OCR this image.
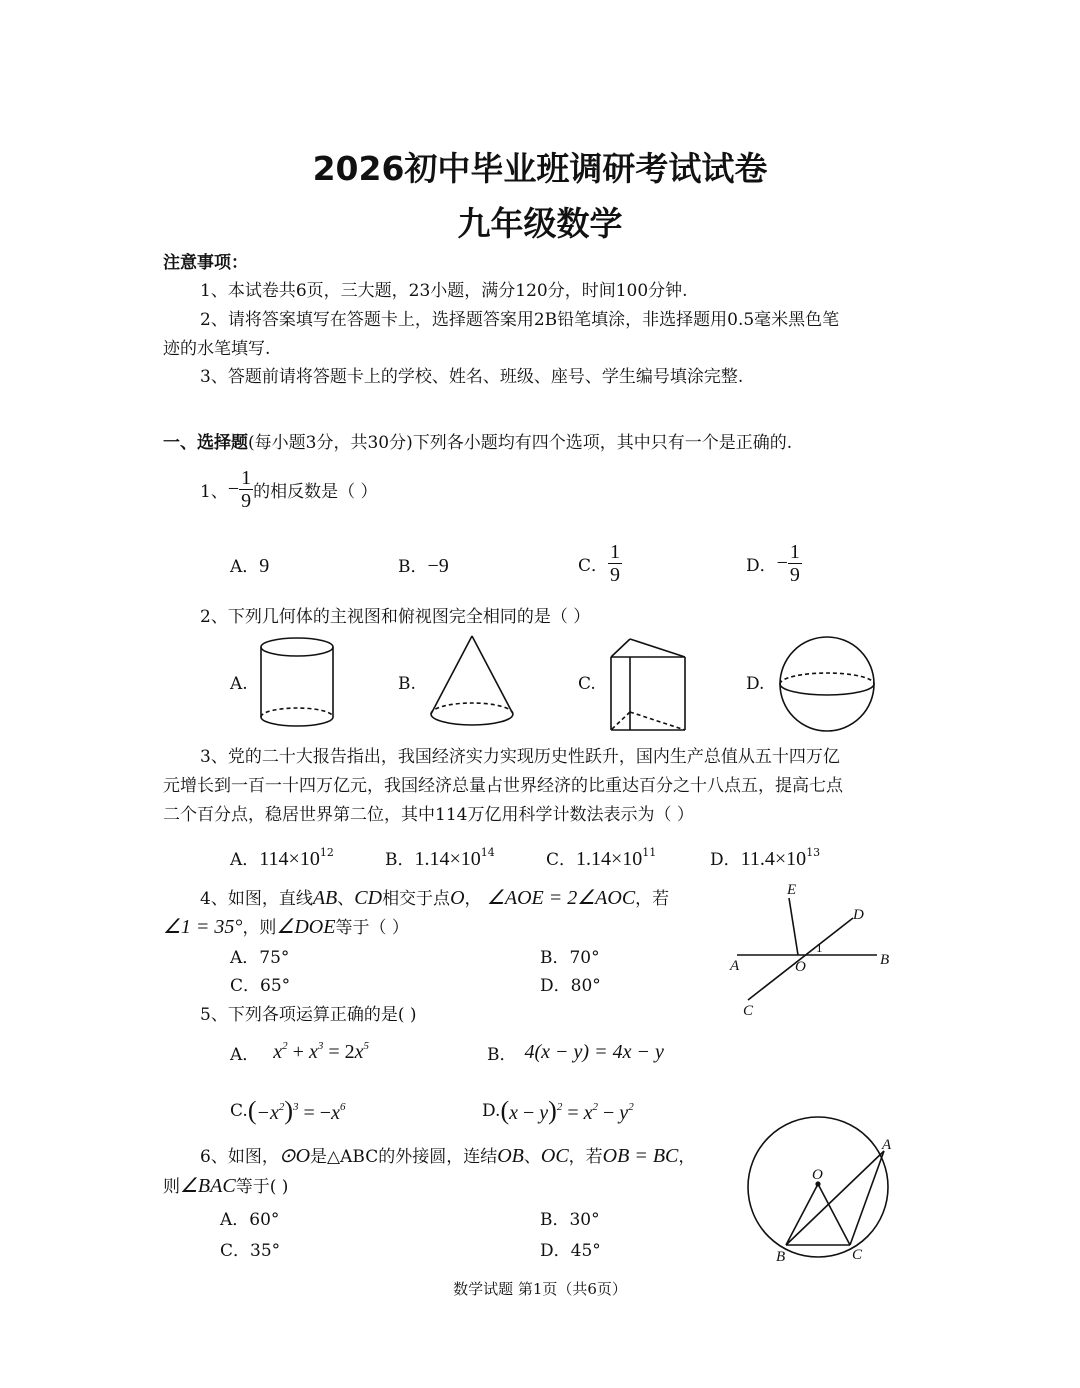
2026初中毕业班调研考试试卷
九年级数学
注意事项：
1、本试卷共6页，三大题，23小题，满分120分，时间100分钟.
2、请将答案填写在答题卡上，选择题答案用2B铅笔填涂，非选择题用0.5毫米黑色笔
迹的水笔填写.
3、答题前请将答题卡上的学校、姓名、班级、座号、学生编号填涂完整.
一、选择题(每小题3分，共30分)下列各小题均有四个选项，其中只有一个是正确的.
1、 − $\frac{1}{9}$ 的相反数是（ ）
A．9	B．−9	C． $\frac{1}{9}$	D． − $\frac{1}{9}$
2、下列几何体的主视图和俯视图完全相同的是（ ）
A.	B.	C.	D.
3、党的二十大报告指出，我国经济实力实现历史性跃升，国内生产总值从五十四万亿
元增长到一百一十四万亿元，我国经济总量占世界经济的比重达百分之十八点五，提高七点
二个百分点，稳居世界第二位，其中114万亿用科学计数法表示为（ ）
A．$114\times 10^{12}$	B．$1.14\times 10^{14}$	C．$1.14\times 10^{11}$	D．$11.4\times 10^{13}$
4、如图，直线AB、CD相交于点O， ∠AOE = 2∠AOC，若
∠1 = 35°，则∠DOE等于（ ）
A．75°	B．70°
C．65°	D．80°
E
D
A	O	B
C
1
5、下列各项运算正确的是( )
A． $x^2 + x^3 = 2x^5$	B． 4(x − y) = 4x − y
C. $(-x^2)^3 = -x^6$	D. $(x - y)^2 = x^2 - y^2$
6、如图，⊙O是△ABC的外接圆，连结OB、OC，若OB = BC，
则∠BAC等于( )
A．60°	B．30°
C．35°	D．45°
O
A
B	C
数学试题 第1页（共6页）
